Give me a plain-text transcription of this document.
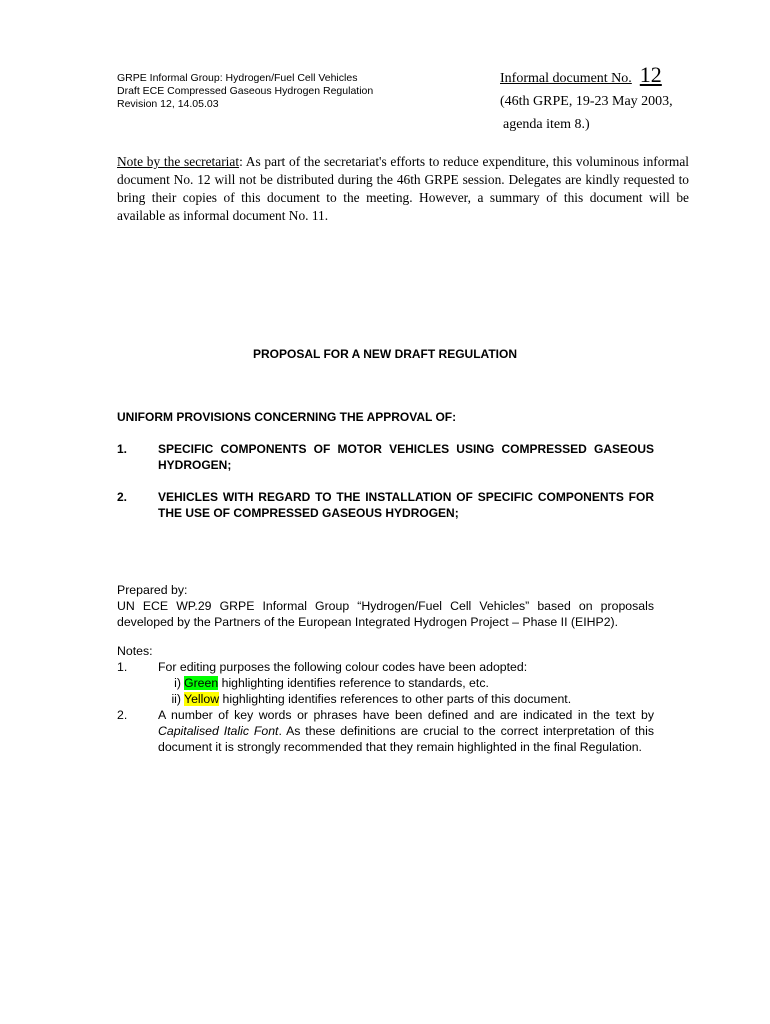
GRPE Informal Group: Hydrogen/Fuel Cell Vehicles
Draft ECE Compressed Gaseous Hydrogen Regulation
Revision 12, 14.05.03
Informal document No. 12
(46th GRPE, 19-23 May 2003,
agenda item 8.)
Note by the secretariat: As part of the secretariat's efforts to reduce expenditure, this voluminous informal document No. 12 will not be distributed during the 46th GRPE session. Delegates are kindly requested to bring their copies of this document to the meeting. However, a summary of this document will be available as informal document No. 11.
PROPOSAL FOR A NEW DRAFT REGULATION
UNIFORM PROVISIONS CONCERNING THE APPROVAL OF:
1.	SPECIFIC COMPONENTS OF MOTOR VEHICLES USING COMPRESSED GASEOUS HYDROGEN;
2.	VEHICLES WITH REGARD TO THE INSTALLATION OF SPECIFIC COMPONENTS FOR THE USE OF COMPRESSED GASEOUS HYDROGEN;
Prepared by:
UN ECE WP.29 GRPE Informal Group “Hydrogen/Fuel Cell Vehicles” based on proposals developed by the Partners of the European Integrated Hydrogen Project – Phase II (EIHP2).
Notes:
1. For editing purposes the following colour codes have been adopted:
i) Green highlighting identifies reference to standards, etc.
ii) Yellow highlighting identifies references to other parts of this document.
2. A number of key words or phrases have been defined and are indicated in the text by Capitalised Italic Font. As these definitions are crucial to the correct interpretation of this document it is strongly recommended that they remain highlighted in the final Regulation.
